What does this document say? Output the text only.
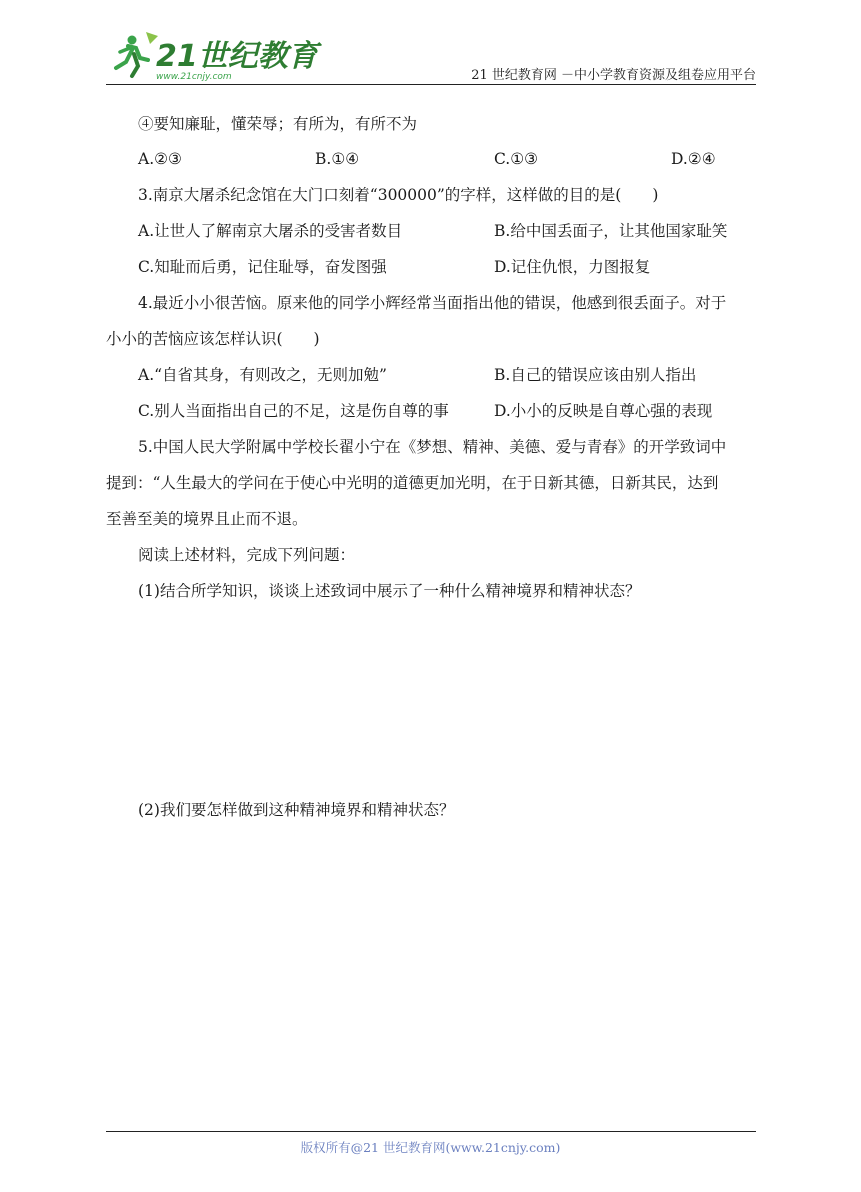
21世纪教育
www.21cnjy.com	21 世纪教育网 －中小学教育资源及组卷应用平台
④要知廉耻，懂荣辱；有所为，有所不为
A.②③	B.①④	C.①③	D.②④
3.南京大屠杀纪念馆在大门口刻着“300000”的字样，这样做的目的是(　　)
A.让世人了解南京大屠杀的受害者数目	B.给中国丢面子，让其他国家耻笑
C.知耻而后勇，记住耻辱，奋发图强	D.记住仇恨，力图报复
4.最近小小很苦恼。原来他的同学小辉经常当面指出他的错误，他感到很丢面子。对于
小小的苦恼应该怎样认识(　　)
A.“自省其身，有则改之，无则加勉”	B.自己的错误应该由别人指出
C.别人当面指出自己的不足，这是伤自尊的事	D.小小的反映是自尊心强的表现
5.中国人民大学附属中学校长翟小宁在《梦想、精神、美德、爱与青春》的开学致词中
提到：“人生最大的学问在于使心中光明的道德更加光明，在于日新其德，日新其民，达到
至善至美的境界且止而不退。
阅读上述材料，完成下列问题：
(1)结合所学知识，谈谈上述致词中展示了一种什么精神境界和精神状态？
(2)我们要怎样做到这种精神境界和精神状态？
版权所有@21 世纪教育网(www.21cnjy.com)
